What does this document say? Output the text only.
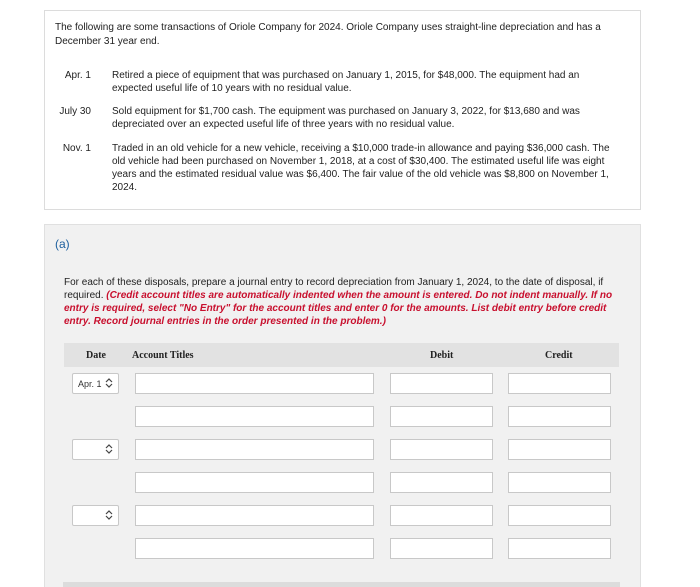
The following are some transactions of Oriole Company for 2024. Oriole Company uses straight-line depreciation and has a December 31 year end.
Apr. 1 Retired a piece of equipment that was purchased on January 1, 2015, for $48,000. The equipment had an expected useful life of 10 years with no residual value.
July 30 Sold equipment for $1,700 cash. The equipment was purchased on January 3, 2022, for $13,680 and was depreciated over an expected useful life of three years with no residual value.
Nov. 1 Traded in an old vehicle for a new vehicle, receiving a $10,000 trade-in allowance and paying $36,000 cash. The old vehicle had been purchased on November 1, 2018, at a cost of $30,400. The estimated useful life was eight years and the estimated residual value was $6,400. The fair value of the old vehicle was $8,800 on November 1, 2024.
(a)
For each of these disposals, prepare a journal entry to record depreciation from January 1, 2024, to the date of disposal, if required. (Credit account titles are automatically indented when the amount is entered. Do not indent manually. If no entry is required, select "No Entry" for the account titles and enter 0 for the amounts. List debit entry before credit entry. Record journal entries in the order presented in the problem.)
Date	Account Titles	Debit	Credit
Apr. 1
